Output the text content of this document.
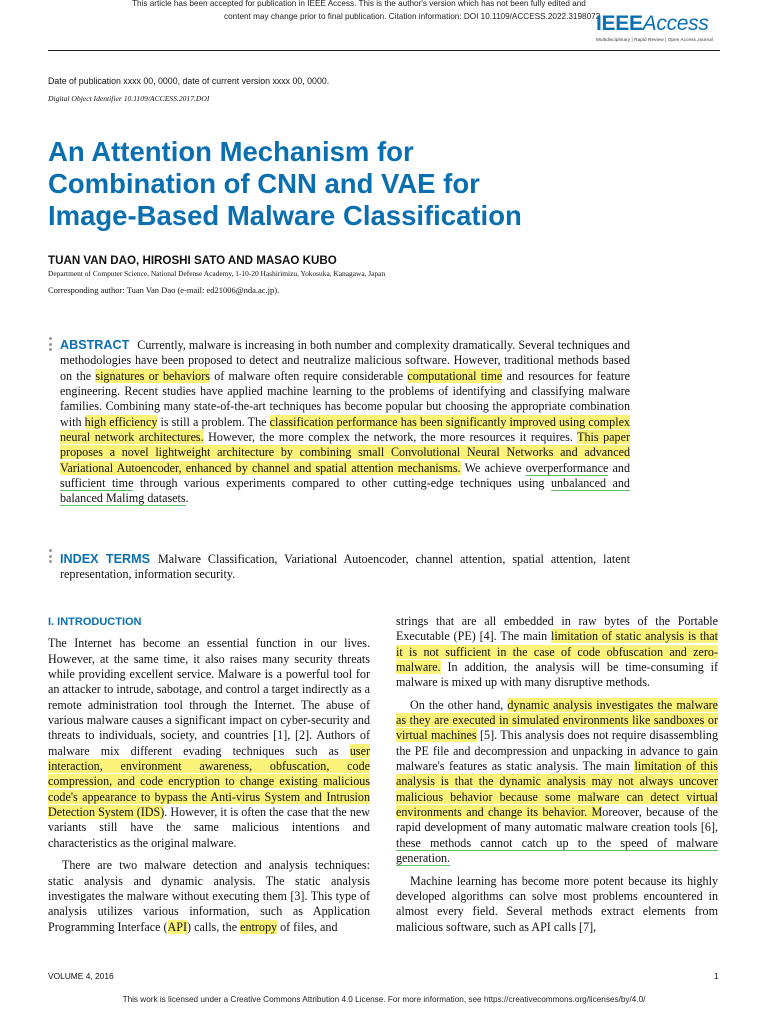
This article has been accepted for publication in IEEE Access. This is the author's version which has not been fully edited and
content may change prior to final publication. Citation information: DOI 10.1109/ACCESS.2022.3198072
IEEEAccess
Multidisciplinary | Rapid Review | Open Access Journal
Date of publication xxxx 00, 0000, date of current version xxxx 00, 0000.
Digital Object Identifier 10.1109/ACCESS.2017.DOI
An Attention Mechanism for
Combination of CNN and VAE for
Image-Based Malware Classification
TUAN VAN DAO, HIROSHI SATO AND MASAO KUBO
Department of Computer Science, National Defense Academy, 1-10-20 Hashirimizu, Yokosuka, Kanagawa, Japan
Corresponding author: Tuan Van Dao (e-mail: ed21006@nda.ac.jp).
ABSTRACT Currently, malware is increasing in both number and complexity dramatically. Several techniques and methodologies have been proposed to detect and neutralize malicious software. However, traditional methods based on the signatures or behaviors of malware often require considerable computational time and resources for feature engineering. Recent studies have applied machine learning to the problems of identifying and classifying malware families. Combining many state-of-the-art techniques has become popular but choosing the appropriate combination with high efficiency is still a problem. The classification performance has been significantly improved using complex neural network architectures. However, the more complex the network, the more resources it requires. This paper proposes a novel lightweight architecture by combining small Convolutional Neural Networks and advanced Variational Autoencoder, enhanced by channel and spatial attention mechanisms. We achieve overperformance and sufficient time through various experiments compared to other cutting-edge techniques using unbalanced and balanced Malimg datasets.
INDEX TERMS Malware Classification, Variational Autoencoder, channel attention, spatial attention, latent representation, information security.
I. INTRODUCTION

The Internet has become an essential function in our lives. However, at the same time, it also raises many security threats while providing excellent service. Malware is a powerful tool for an attacker to intrude, sabotage, and control a target indirectly as a remote administration tool through the Internet. The abuse of various malware causes a significant impact on cyber-security and threats to individuals, society, and countries [1], [2]. Authors of malware mix different evading techniques such as user interaction, environment awareness, obfuscation, code compression, and code encryption to change existing malicious code's appearance to bypass the Anti-virus System and Intrusion Detection System (IDS). However, it is often the case that the new variants still have the same malicious intentions and characteristics as the original malware.

There are two malware detection and analysis techniques: static analysis and dynamic analysis. The static analysis investigates the malware without executing them [3]. This type of analysis utilizes various information, such as Application Programming Interface (API) calls, the entropy of files, and

strings that are all embedded in raw bytes of the Portable Executable (PE) [4]. The main limitation of static analysis is that it is not sufficient in the case of code obfuscation and zero-malware. In addition, the analysis will be time-consuming if malware is mixed up with many disruptive methods.

On the other hand, dynamic analysis investigates the malware as they are executed in simulated environments like sandboxes or virtual machines [5]. This analysis does not require disassembling the PE file and decompression and unpacking in advance to gain malware's features as static analysis. The main limitation of this analysis is that the dynamic analysis may not always uncover malicious behavior because some malware can detect virtual environments and change its behavior. Moreover, because of the rapid development of many automatic malware creation tools [6], these methods cannot catch up to the speed of malware generation.

Machine learning has become more potent because its highly developed algorithms can solve most problems encountered in almost every field. Several methods extract elements from malicious software, such as API calls [7],

VOLUME 4, 2016	1
This work is licensed under a Creative Commons Attribution 4.0 License. For more information, see https://creativecommons.org/licenses/by/4.0/
